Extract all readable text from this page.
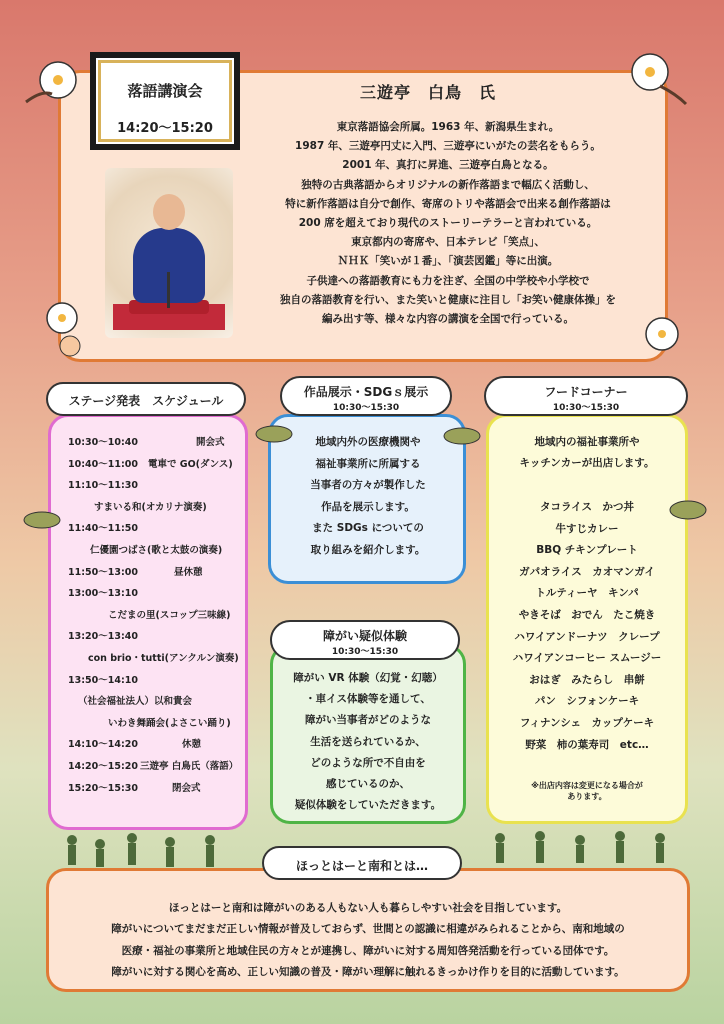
落語講演会
14:20～15:20
三遊亭　白鳥　氏
東京落語協会所属。1963 年、新潟県生まれ。
1987 年、三遊亭円丈に入門、三遊亭にいがたの芸名をもらう。
2001 年、真打に昇進、三遊亭白鳥となる。
独特の古典落語からオリジナルの新作落語まで幅広く活動し、
特に新作落語は自分で創作、寄席のトリや落語会で出来る創作落語は
200 席を超えており現代のストーリーテラーと言われている。
東京都内の寄席や、日本テレビ「笑点」、
ＮＨＫ「笑いが１番」、「演芸図鑑」等に出演。
子供達への落語教育にも力を注ぎ、全国の中学校や小学校で
独自の落語教育を行い、また笑いと健康に注目し「お笑い健康体操」を
編み出す等、様々な内容の講演を全国で行っている。
ステージ発表　スケジュール
10:30～10:40	開会式
10:40～11:00 電車で GO(ダンス)
11:10～11:30
すまいる和(オカリナ演奏)
11:40～11:50
仁優園つばさ(歌と太鼓の演奏)
11:50～13:00	昼休憩
13:00～13:10
こだまの里(スコップ三味線)
13:20～13:40
con brio・tutti(アンクルン演奏)
13:50～14:10
（社会福祉法人）以和貴会
いわき舞踊会(よさこい踊り)
14:10～14:20	休憩
14:20～15:20 三遊亭 白鳥氏（落語）
15:20～15:30	閉会式
作品展示・SDGｓ展示
10:30～15:30
地域内外の医療機関や
福祉事業所に所属する
当事者の方々が製作した
作品を展示します。
また SDGs についての
取り組みを紹介します。
障がい疑似体験
10:30～15:30
障がい VR 体験（幻覚・幻聴）
・車イス体験等を通して、
障がい当事者がどのような
生活を送られているか、
どのような所で不自由を
感じているのか、
疑似体験をしていただきます。
フードコーナー
10:30～15:30
地域内の福祉事業所や
キッチンカーが出店します。
タコライス　かつ丼
牛すじカレー
BBQ チキンプレート
ガパオライス　カオマンガイ
トルティーヤ　キンパ
やきそば　おでん　たこ焼き
ハワイアンドーナツ　クレープ
ハワイアンコーヒー スムージー
おはぎ　みたらし　串餅
パン　シフォンケーキ
フィナンシェ　カップケーキ
野菜　柿の葉寿司　etc…
※出店内容は変更になる場合が
あります。
ほっとはーと南和とは…
ほっとはーと南和は障がいのある人もない人も暮らしやすい社会を目指しています。
障がいについてまだまだ正しい情報が普及しておらず、世間との認識に相違がみられることから、南和地域の
医療・福祉の事業所と地域住民の方々とが連携し、障がいに対する周知啓発活動を行っている団体です。
障がいに対する関心を高め、正しい知識の普及・障がい理解に触れるきっかけ作りを目的に活動しています。
